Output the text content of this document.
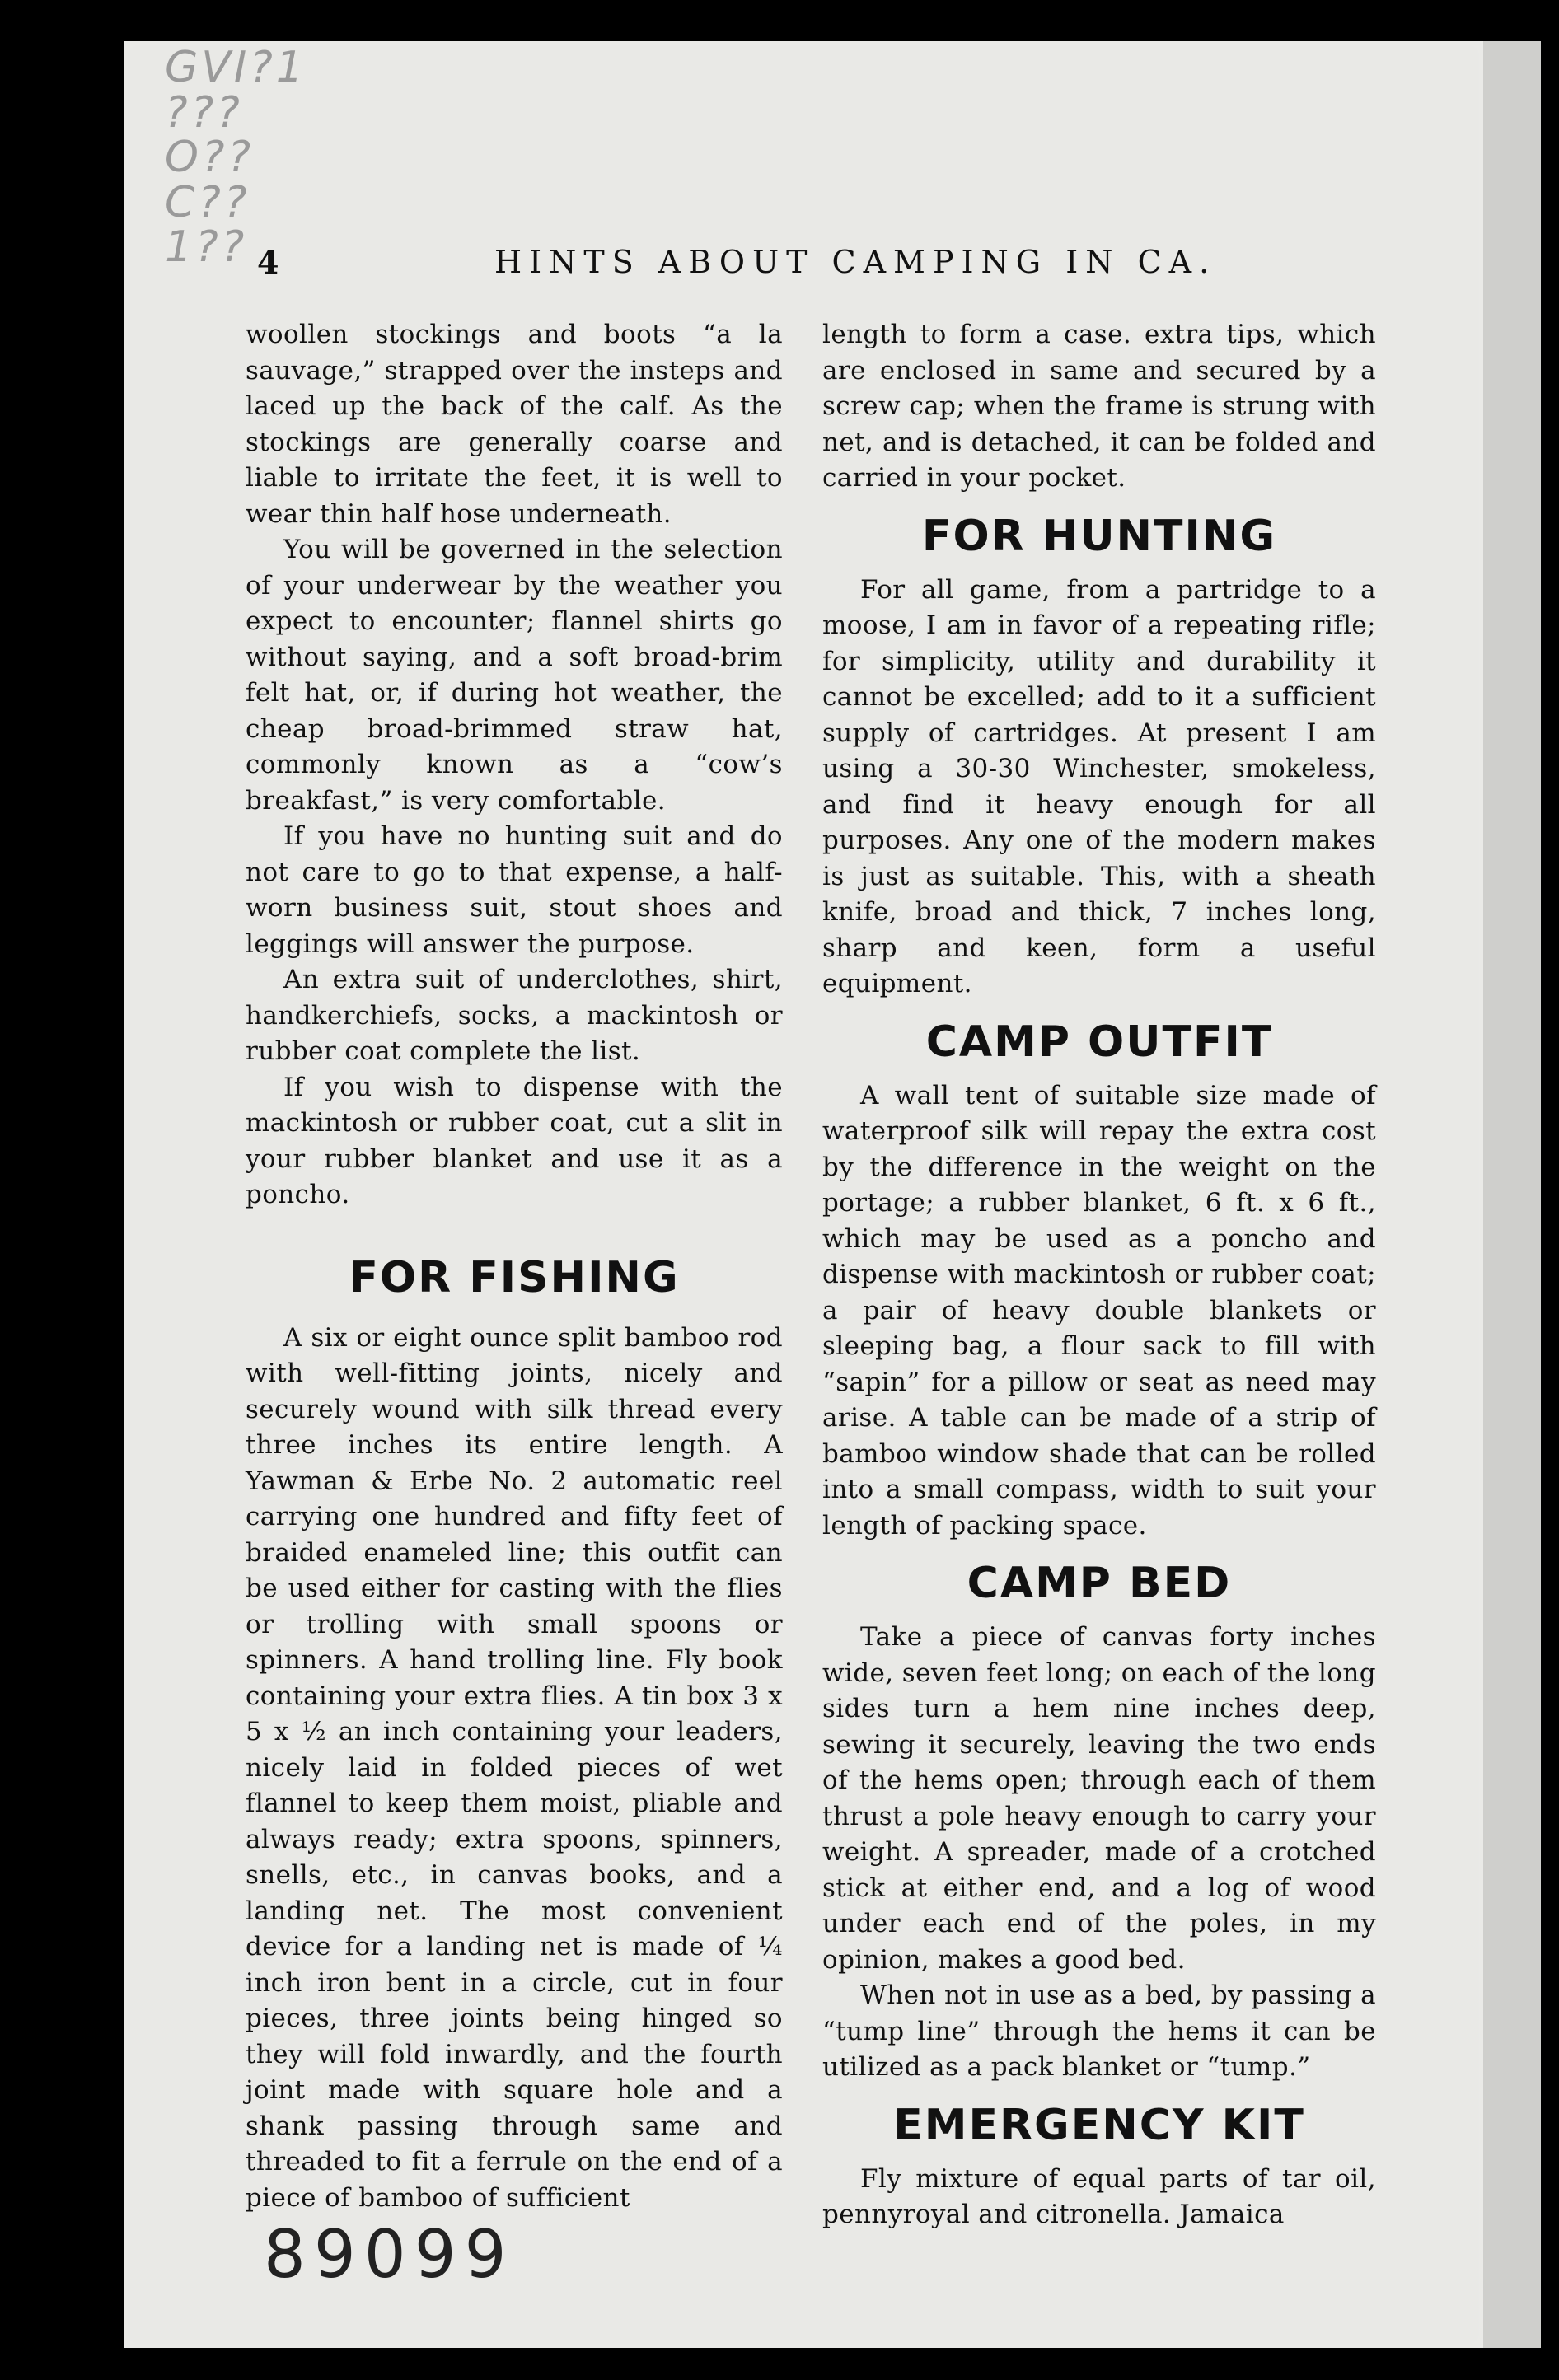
GVI?1
???
O??
C??
1?? 4	HINTS ABOUT CAMPING IN CA.

woollen stockings and boots “a la sauvage,” strapped over the insteps and laced up the back of the calf. As the stockings are generally coarse and liable to irritate the feet, it is well to wear thin half hose underneath.

You will be governed in the selection of your underwear by the weather you expect to encounter; flannel shirts go without saying, and a soft broad-brim felt hat, or, if during hot weather, the cheap broad-brimmed straw hat, commonly known as a “cow’s breakfast,” is very comfortable.

If you have no hunting suit and do not care to go to that expense, a half-worn business suit, stout shoes and leggings will answer the purpose.

An extra suit of underclothes, shirt, handkerchiefs, socks, a mackintosh or rubber coat complete the list.

If you wish to dispense with the mackintosh or rubber coat, cut a slit in your rubber blanket and use it as a poncho.

FOR FISHING

A six or eight ounce split bamboo rod with well-fitting joints, nicely and securely wound with silk thread every three inches its entire length. A Yawman & Erbe No. 2 automatic reel carrying one hundred and fifty feet of braided enameled line; this outfit can be used either for casting with the flies or trolling with small spoons or spinners. A hand trolling line. Fly book containing your extra flies. A tin box 3 x 5 x ½ an inch containing your leaders, nicely laid in folded pieces of wet flannel to keep them moist, pliable and always ready; extra spoons, spinners, snells, etc., in canvas books, and a landing net. The most convenient device for a landing net is made of ¼ inch iron bent in a circle, cut in four pieces, three joints being hinged so they will fold inwardly, and the fourth joint made with square hole and a shank passing through same and threaded to fit a ferrule on the end of a piece of bamboo of sufficient

length to form a case. extra tips, which are enclosed in same and secured by a screw cap; when the frame is strung with net, and is detached, it can be folded and carried in your pocket.

FOR HUNTING

For all game, from a partridge to a moose, I am in favor of a repeating rifle; for simplicity, utility and durability it cannot be excelled; add to it a sufficient supply of cartridges. At present I am using a 30-30 Winchester, smokeless, and find it heavy enough for all purposes. Any one of the modern makes is just as suitable. This, with a sheath knife, broad and thick, 7 inches long, sharp and keen, form a useful equipment.

CAMP OUTFIT

A wall tent of suitable size made of waterproof silk will repay the extra cost by the difference in the weight on the portage; a rubber blanket, 6 ft. x 6 ft., which may be used as a poncho and dispense with mackintosh or rubber coat; a pair of heavy double blankets or sleeping bag, a flour sack to fill with “sapin” for a pillow or seat as need may arise. A table can be made of a strip of bamboo window shade that can be rolled into a small compass, width to suit your length of packing space.

CAMP BED

Take a piece of canvas forty inches wide, seven feet long; on each of the long sides turn a hem nine inches deep, sewing it securely, leaving the two ends of the hems open; through each of them thrust a pole heavy enough to carry your weight. A spreader, made of a crotched stick at either end, and a log of wood under each end of the poles, in my opinion, makes a good bed.

When not in use as a bed, by passing a “tump line” through the hems it can be utilized as a pack blanket or “tump.”

EMERGENCY KIT

Fly mixture of equal parts of tar oil, pennyroyal and citronella. Jamaica

89099
